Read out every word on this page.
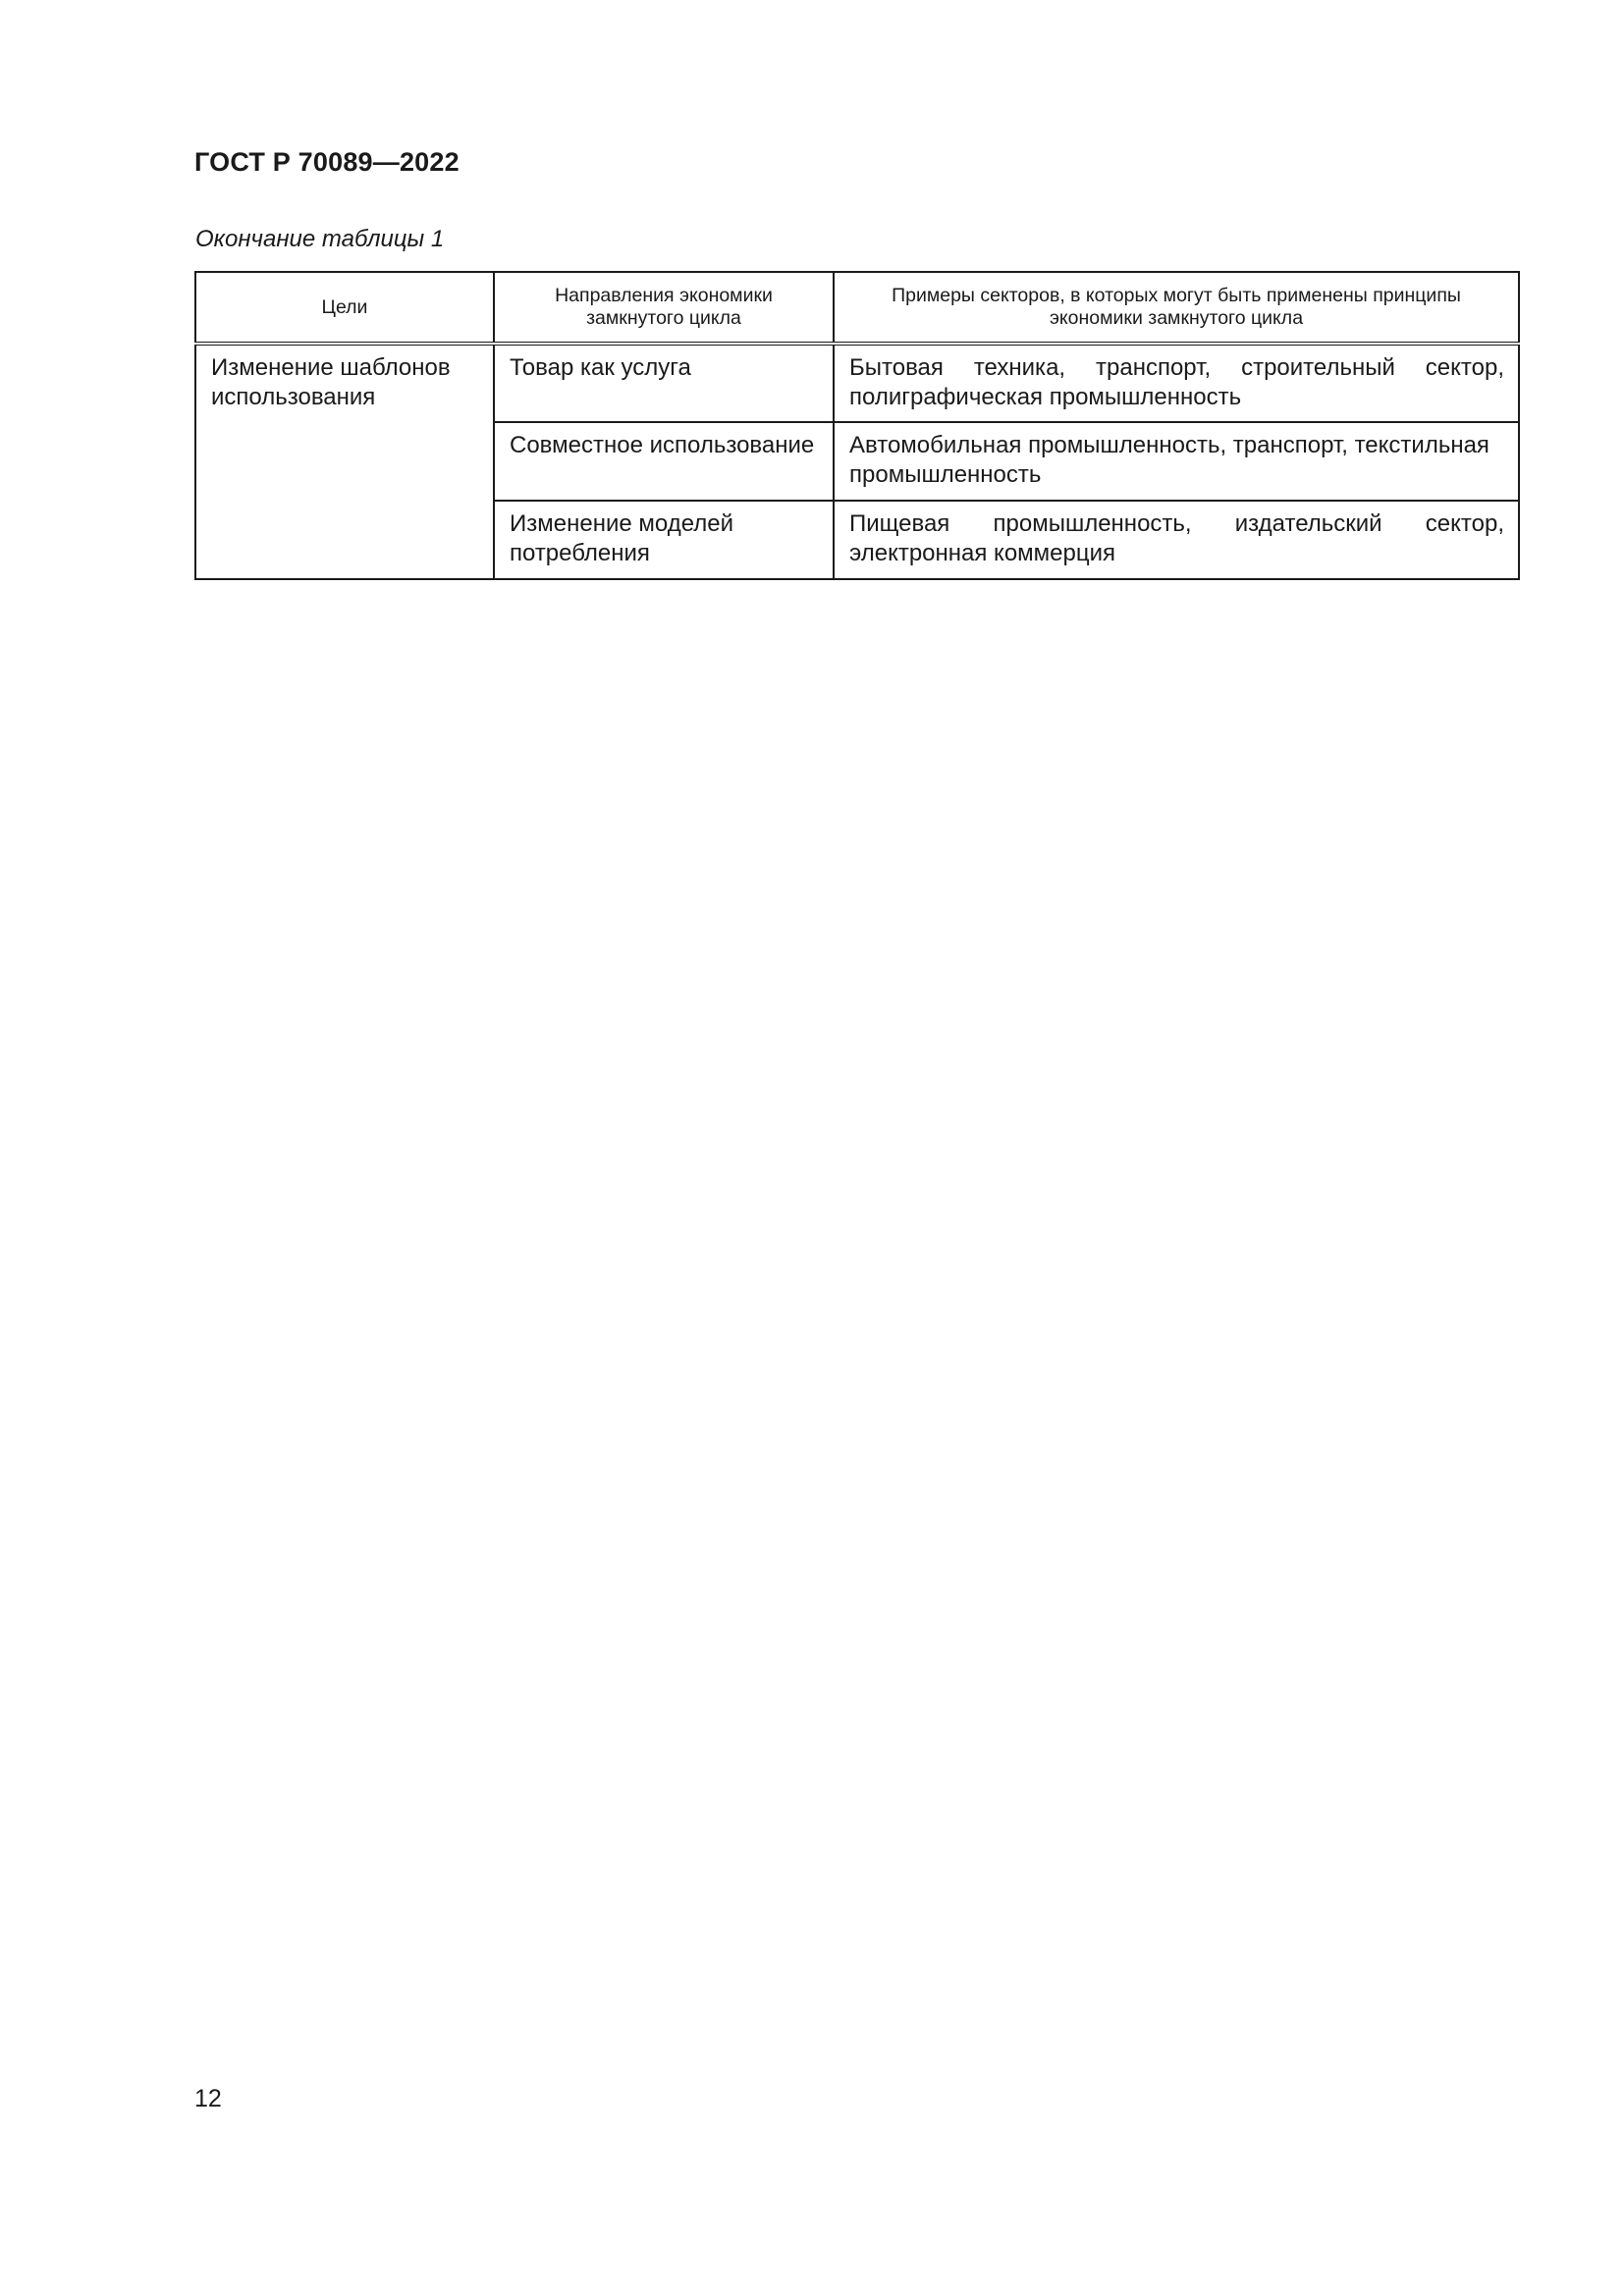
ГОСТ Р 70089—2022
Окончание таблицы 1
Цели	Направления экономики замкнутого цикла	Примеры секторов, в которых могут быть применены принципы экономики замкнутого цикла
Изменение шаблонов использования	Товар как услуга	Бытовая техника, транспорт, строительный сектор, полиграфическая промышленность
	Совместное использование	Автомобильная промышленность, транспорт, текстильная промышленность
	Изменение моделей потребления	Пищевая промышленность, издательский сектор, электронная коммерция
12
